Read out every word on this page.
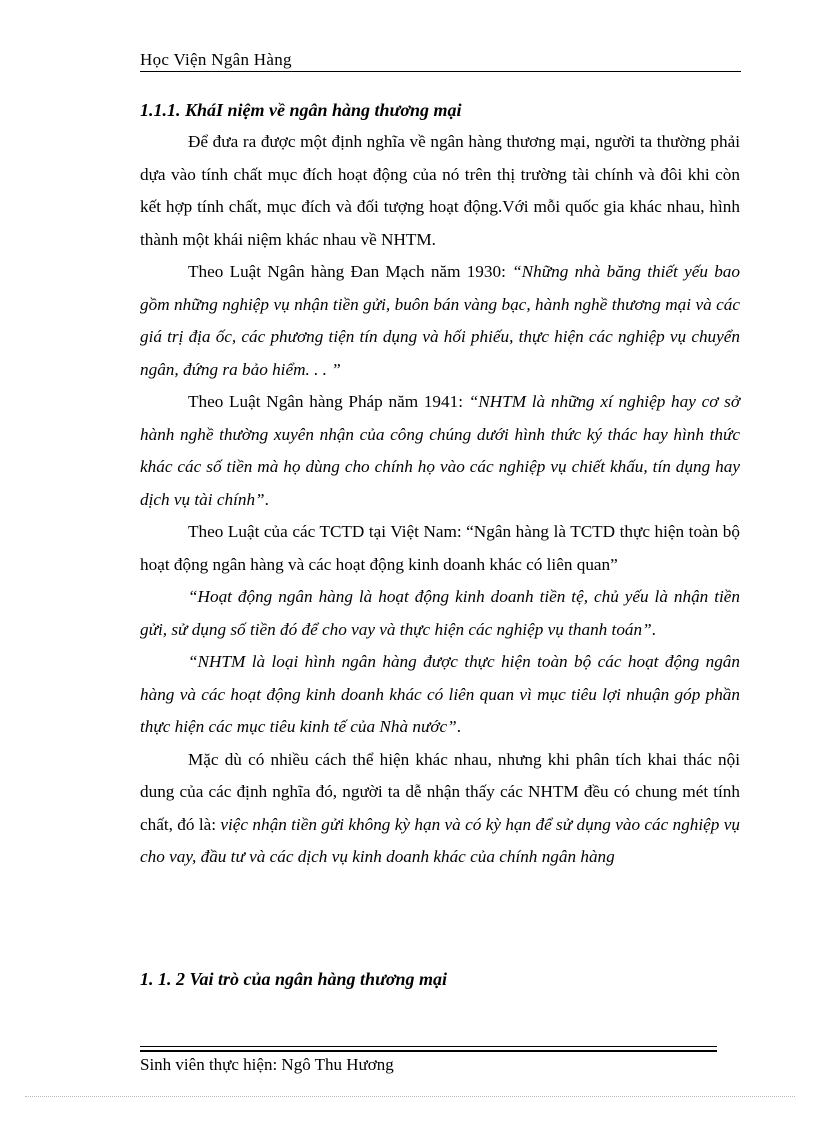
Học Viện Ngân Hàng
1.1.1. KháI niệm về ngân hàng thương mại

Để đưa ra được một định nghĩa về ngân hàng thương mại, người ta thường phải dựa vào tính chất mục đích hoạt động của nó trên thị trường tài chính và đôi khi còn kết hợp tính chất, mục đích và đối tượng hoạt động.Với mỗi quốc gia khác nhau, hình thành một khái niệm khác nhau về NHTM.

Theo Luật Ngân hàng Đan Mạch năm 1930: “Những nhà băng thiết yếu bao gồm những nghiệp vụ nhận tiền gửi, buôn bán vàng bạc, hành nghề thương mại và các giá trị địa ốc, các phương tiện tín dụng và hối phiếu, thực hiện các nghiệp vụ chuyển ngân, đứng ra bảo hiểm. . . ”

Theo Luật Ngân hàng Pháp năm 1941: “NHTM là những xí nghiệp hay cơ sở hành nghề thường xuyên nhận của công chúng dưới hình thức ký thác hay hình thức khác các số tiền mà họ dùng cho chính họ vào các nghiệp vụ chiết khấu, tín dụng hay dịch vụ tài chính”.

Theo Luật của các TCTD tại Việt Nam: “Ngân hàng là TCTD thực hiện toàn bộ hoạt động ngân hàng và các hoạt động kinh doanh khác có liên quan”

“Hoạt động ngân hàng là hoạt động kinh doanh tiền tệ, chủ yếu là nhận tiền gửi, sử dụng số tiền đó để cho vay và thực hiện các nghiệp vụ thanh toán”.

“NHTM là loại hình ngân hàng được thực hiện toàn bộ các hoạt động ngân hàng và các hoạt động kinh doanh khác có liên quan vì mục tiêu lợi nhuận góp phần thực hiện các mục tiêu kinh tế của Nhà nước”.

Mặc dù có nhiều cách thể hiện khác nhau, nhưng khi phân tích khai thác nội dung của các định nghĩa đó, người ta dễ nhận thấy các NHTM đều có chung mét tính chất, đó là: việc nhận tiền gửi không kỳ hạn và có kỳ hạn để sử dụng vào các nghiệp vụ cho vay, đầu tư và các dịch vụ kinh doanh khác của chính ngân hàng

1. 1. 2 Vai trò của ngân hàng thương mại
Sinh viên thực hiện: Ngô Thu Hương
